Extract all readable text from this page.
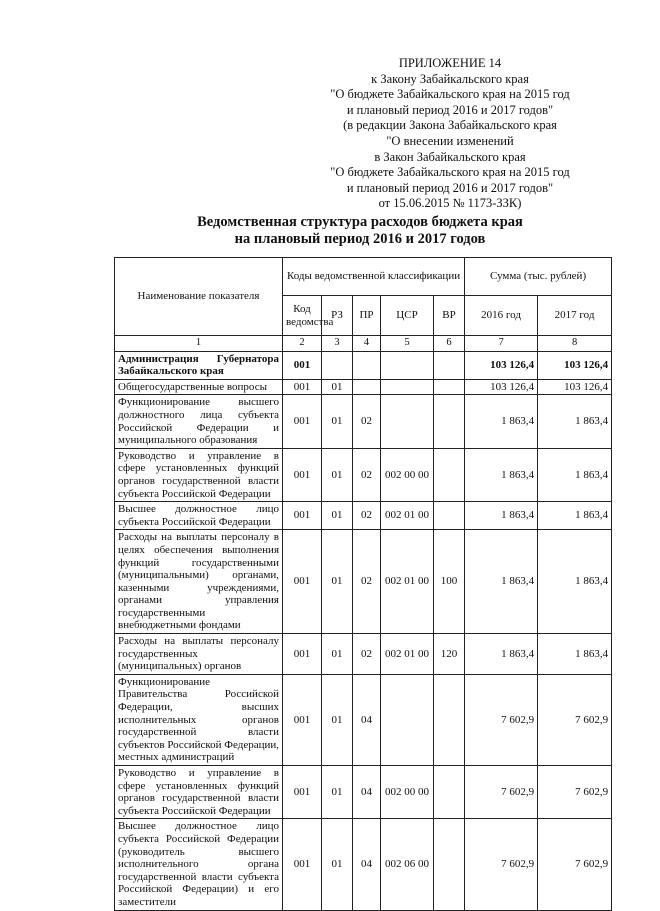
ПРИЛОЖЕНИЕ 14
к Закону Забайкальского края
"О бюджете Забайкальского края на 2015 год
и плановый период 2016 и 2017 годов"
(в редакции Закона Забайкальского края
"О внесении изменений
в Закон Забайкальского края
"О бюджете Забайкальского края на 2015 год
и плановый период 2016 и 2017 годов"
от 15.06.2015 № 1173-ЗЗК)
Ведомственная структура расходов бюджета края
на плановый период 2016 и 2017 годов
Наименование показателя	Коды ведомственной классификации					Сумма (тыс. рублей)	
	Код ведомства	РЗ	ПР	ЦСР	ВР	2016 год	2017 год
1	2	3	4	5	6	7	8
Администрация Губернатора Забайкальского края	001					103 126,4	103 126,4
Общегосударственные вопросы	001	01				103 126,4	103 126,4
Функционирование высшего должностного лица субъекта Российской Федерации и муниципального образования	001	01	02			1 863,4	1 863,4
Руководство и управление в сфере установленных функций органов государственной власти субъекта Российской Федерации	001	01	02	002 00 00		1 863,4	1 863,4
Высшее должностное лицо субъекта Российской Федерации	001	01	02	002 01 00		1 863,4	1 863,4
Расходы на выплаты персоналу в целях обеспечения выполнения функций государственными (муниципальными) органами, казенными учреждениями, органами управления государственными внебюджетными фондами	001	01	02	002 01 00	100	1 863,4	1 863,4
Расходы на выплаты персоналу государственных (муниципальных) органов	001	01	02	002 01 00	120	1 863,4	1 863,4
Функционирование Правительства Российской Федерации, высших исполнительных органов государственной власти субъектов Российской Федерации, местных администраций	001	01	04			7 602,9	7 602,9
Руководство и управление в сфере установленных функций органов государственной власти субъекта Российской Федерации	001	01	04	002 00 00		7 602,9	7 602,9
Высшее должностное лицо субъекта Российской Федерации (руководитель высшего исполнительного органа государственной власти субъекта Российской Федерации) и его заместители	001	01	04	002 06 00		7 602,9	7 602,9
